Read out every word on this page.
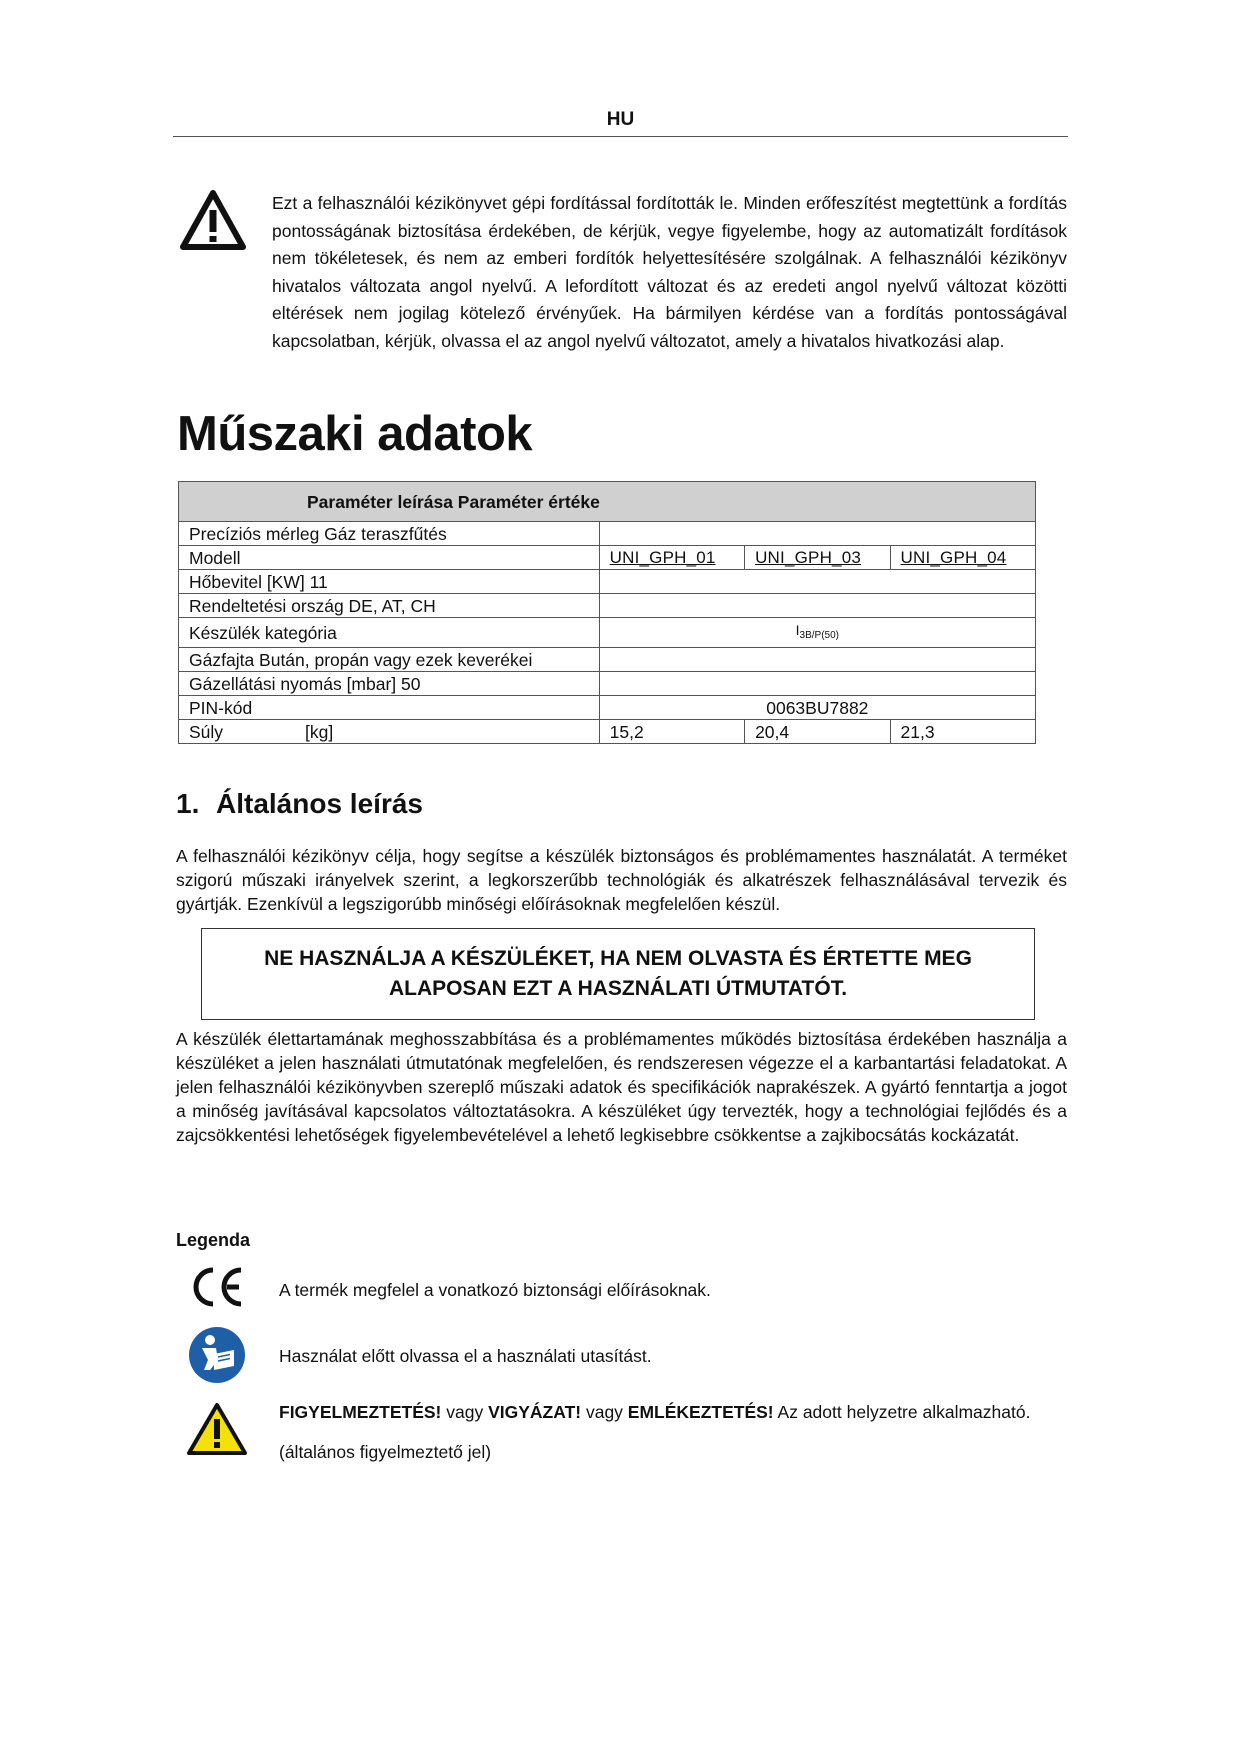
HU
Ezt a felhasználói kézikönyvet gépi fordítással fordították le. Minden erőfeszítést megtettünk a fordítás pontosságának biztosítása érdekében, de kérjük, vegye figyelembe, hogy az automatizált fordítások nem tökéletesek, és nem az emberi fordítók helyettesítésére szolgálnak. A felhasználói kézikönyv hivatalos változata angol nyelvű. A lefordított változat és az eredeti angol nyelvű változat közötti eltérések nem jogilag kötelező érvényűek. Ha bármilyen kérdése van a fordítás pontosságával kapcsolatban, kérjük, olvassa el az angol nyelvű változatot, amely a hivatalos hivatkozási alap.
Műszaki adatok
Paraméter leírása Paraméter értéke			
Precíziós mérleg Gáz teraszfűtés			
Modell	UNI_GPH_01	UNI_GPH_03	UNI_GPH_04
Hőbevitel [KW] 11			
Rendeltetési ország DE, AT, CH			
Készülék kategória	I3B/P(50)		
Gázfajta Bután, propán vagy ezek keverékei			
Gázellátási nyomás [mbar] 50			
PIN-kód	0063BU7882		
Súly [kg]	15,2	20,4	21,3
1. Általános leírás
A felhasználói kézikönyv célja, hogy segítse a készülék biztonságos és problémamentes használatát. A terméket szigorú műszaki irányelvek szerint, a legkorszerűbb technológiák és alkatrészek felhasználásával tervezik és gyártják. Ezenkívül a legszigorúbb minőségi előírásoknak megfelelően készül.
NE HASZNÁLJA A KÉSZÜLÉKET, HA NEM OLVASTA ÉS ÉRTETTE MEG ALAPOSAN EZT A HASZNÁLATI ÚTMUTATÓT.
A készülék élettartamának meghosszabbítása és a problémamentes működés biztosítása érdekében használja a készüléket a jelen használati útmutatónak megfelelően, és rendszeresen végezze el a karbantartási feladatokat. A jelen felhasználói kézikönyvben szereplő műszaki adatok és specifikációk naprakészek. A gyártó fenntartja a jogot a minőség javításával kapcsolatos változtatásokra. A készüléket úgy tervezték, hogy a technológiai fejlődés és a zajcsökkentési lehetőségek figyelembevételével a lehető legkisebbre csökkentse a zajkibocsátás kockázatát.
Legenda
A termék megfelel a vonatkozó biztonsági előírásoknak.
Használat előtt olvassa el a használati utasítást.
FIGYELMEZTETÉS! vagy VIGYÁZAT! vagy EMLÉKEZTETÉS! Az adott helyzetre alkalmazható.
(általános figyelmeztető jel)
